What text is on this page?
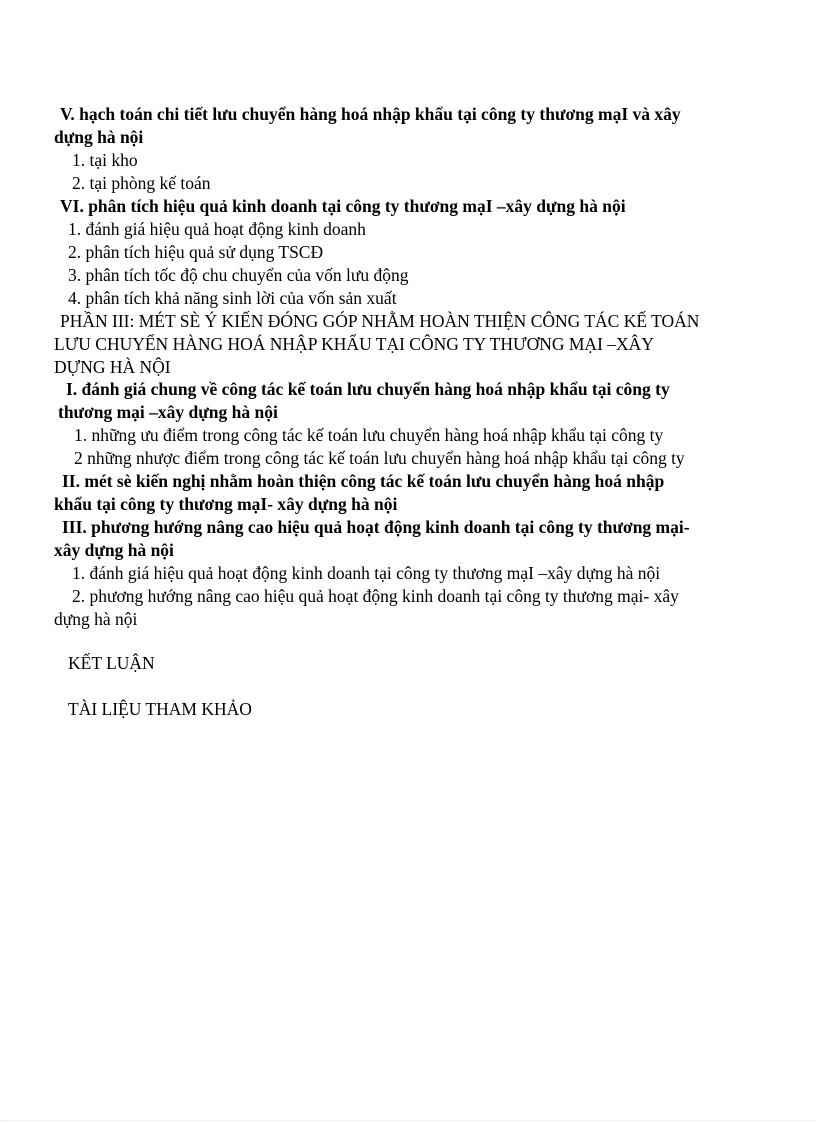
V. hạch toán chi tiết lưu chuyển hàng hoá nhập khẩu tại công ty thương mạI và xây
dựng hà nội
1. tại kho
2. tại phòng kế toán
VI. phân tích hiệu quả kinh doanh tại công ty thương mạI –xây dựng hà nội
1. đánh giá hiệu quả hoạt động kinh doanh
2. phân tích hiệu quả sử dụng TSCĐ
3. phân tích tốc độ chu chuyển của vốn lưu động
4. phân tích khả năng sinh lời của vốn sản xuất
PHẦN III: MÉT SÈ Ý KIẾN ĐÓNG GÓP NHẰM HOÀN THIỆN CÔNG TÁC KẾ TOÁN
LƯU CHUYỂN HÀNG HOÁ NHẬP KHẨU TẠI CÔNG TY THƯƠNG MẠI –XÂY
DỰNG HÀ NỘI
I. đánh giá chung về công tác kế toán lưu chuyển hàng hoá nhập khẩu tại công ty
thương mại –xây dựng hà nội
1. những ưu điểm trong công tác kế toán lưu chuyển hàng hoá nhập khẩu tại công ty
2 những nhược điểm trong công tác kế toán lưu chuyển hàng hoá nhập khẩu tại công ty
II. mét sè kiến nghị nhằm hoàn thiện công tác kế toán lưu chuyển hàng hoá nhập
khẩu tại công ty thương mạI- xây dựng hà nội
III. phương hướng nâng cao hiệu quả hoạt động kinh doanh tại công ty thương mại-
xây dựng hà nội
1. đánh giá hiệu quả hoạt động kinh doanh tại công ty thương mạI –xây dựng hà nội
2. phương hướng nâng cao hiệu quả hoạt động kinh doanh tại công ty thương mại- xây
dựng hà nội
KẾT LUẬN
TÀI LIỆU THAM KHẢO
